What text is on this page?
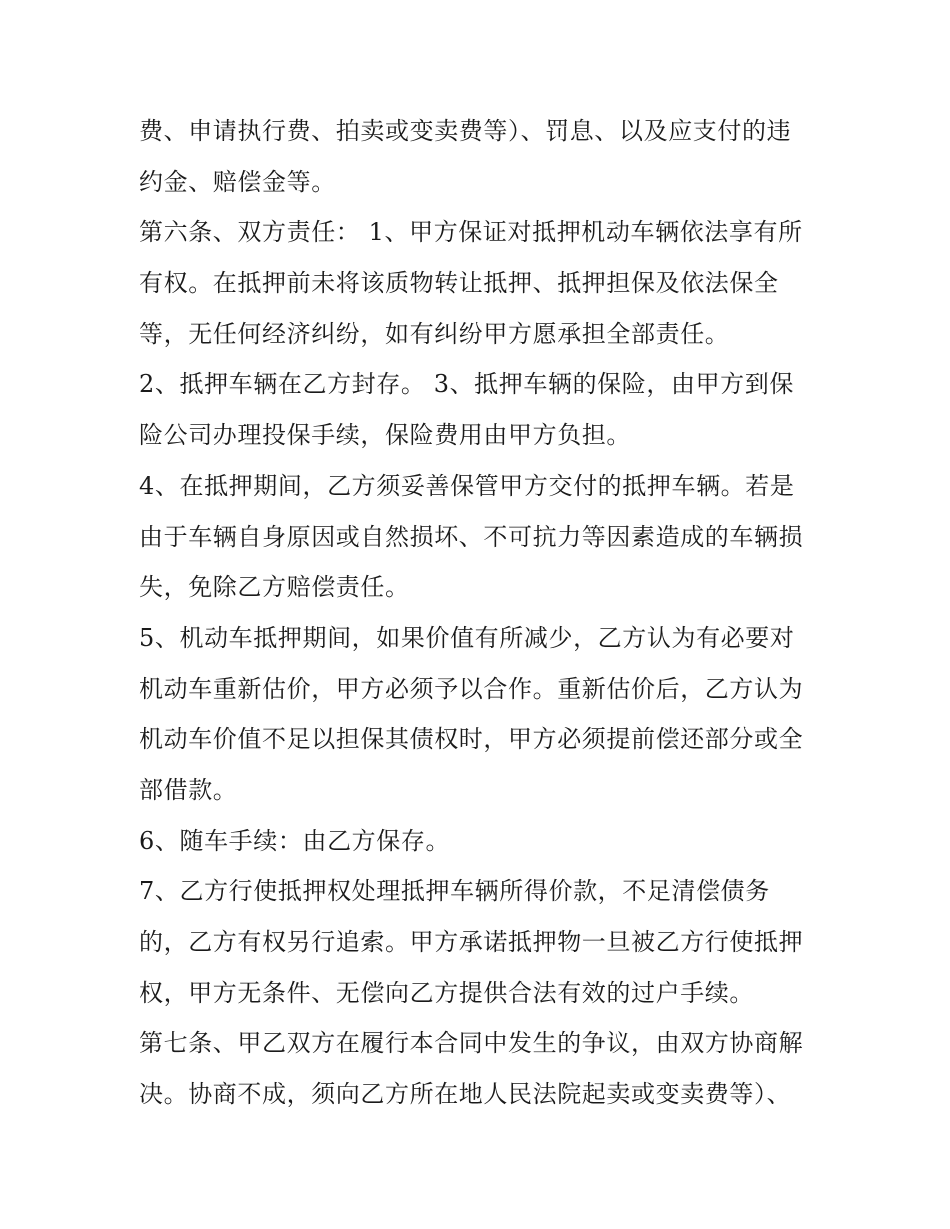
费、申请执行费、拍卖或变卖费等）、罚息、以及应支付的违
约金、赔偿金等。
第六条、双方责任： 1、甲方保证对抵押机动车辆依法享有所
有权。在抵押前未将该质物转让抵押、抵押担保及依法保全
等，无任何经济纠纷，如有纠纷甲方愿承担全部责任。
2、抵押车辆在乙方封存。 3、抵押车辆的保险，由甲方到保
险公司办理投保手续，保险费用由甲方负担。
4、在抵押期间，乙方须妥善保管甲方交付的抵押车辆。若是
由于车辆自身原因或自然损坏、不可抗力等因素造成的车辆损
失，免除乙方赔偿责任。
5、机动车抵押期间，如果价值有所减少，乙方认为有必要对
机动车重新估价，甲方必须予以合作。重新估价后，乙方认为
机动车价值不足以担保其债权时，甲方必须提前偿还部分或全
部借款。
6、随车手续：由乙方保存。
7、乙方行使抵押权处理抵押车辆所得价款，不足清偿债务
的，乙方有权另行追索。甲方承诺抵押物一旦被乙方行使抵押
权，甲方无条件、无偿向乙方提供合法有效的过户手续。
第七条、甲乙双方在履行本合同中发生的争议，由双方协商解
决。协商不成，须向乙方所在地人民法院起卖或变卖费等）、
